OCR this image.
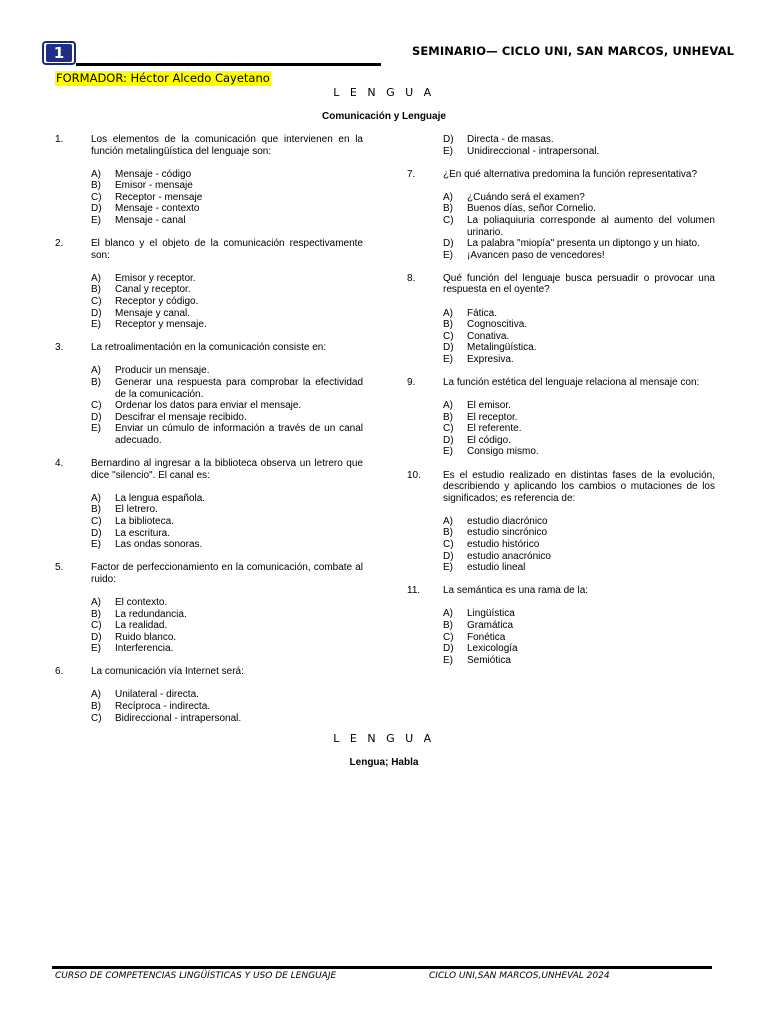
1	SEMINARIO— CICLO UNI, SAN MARCOS, UNHEVAL
FORMADOR: Héctor Alcedo Cayetano
L E N G U A
Comunicación y Lenguaje
1.	Los elementos de la comunicación que intervienen en la función metalingüística del lenguaje son:
A)	Mensaje - código
B)	Emisor - mensaje
C)	Receptor - mensaje
D)	Mensaje - contexto
E)	Mensaje - canal
2.	El blanco y el objeto de la comunicación respectivamente son:
A)	Emisor y receptor.
B)	Canal y receptor.
C)	Receptor y código.
D)	Mensaje y canal.
E)	Receptor y mensaje.
3.	La retroalimentación en la comunicación consiste en:
A)	Producir un mensaje.
B)	Generar una respuesta para comprobar la efectividad de la comunicación.
C)	Ordenar los datos para enviar el mensaje.
D)	Descifrar el mensaje recibido.
E)	Enviar un cúmulo de información a través de un canal adecuado.
4.	Bernardino al ingresar a la biblioteca observa un letrero que dice "silencio". El canal es:
A)	La lengua española.
B)	El letrero.
C)	La biblioteca.
D)	La escritura.
E)	Las ondas sonoras.
5.	Factor de perfeccionamiento en la comunicación, combate al ruido:
A)	El contexto.
B)	La redundancia.
C)	La realidad.
D)	Ruido blanco.
E)	Interferencia.
6.	La comunicación vía Internet será:
A)	Unilateral - directa.
B)	Recíproca - indirecta.
C)	Bidireccional - intrapersonal.
D)	Directa - de masas.
E)	Unidireccional - intrapersonal.
7.	¿En qué alternativa predomina la función representativa?
A)	¿Cuándo será el examen?
B)	Buenos días, señor Cornelio.
C)	La poliaquiuria corresponde al aumento del volumen urinario.
D)	La palabra "miopía" presenta un diptongo y un hiato.
E)	¡Avancen paso de vencedores!
8.	Qué función del lenguaje busca persuadir o provocar una respuesta en el oyente?
A)	Fática.
B)	Cognoscitiva.
C)	Conativa.
D)	Metalingüística.
E)	Expresiva.
9.	La función estética del lenguaje relaciona al mensaje con:
A)	El emisor.
B)	El receptor.
C)	El referente.
D)	El código.
E)	Consigo mismo.
10.	Es el estudio realizado en distintas fases de la evolución, describiendo y aplicando los cambios o mutaciones de los significados; es referencia de:
A)	estudio diacrónico
B)	estudio sincrónico
C)	estudio histórico
D)	estudio anacrónico
E)	estudio lineal
11.	La semántica es una rama de la:
A)	Lingüística
B)	Gramática
C)	Fonética
D)	Lexicología
E)	Semiótica
L E N G U A
Lengua; Habla
CURSO DE COMPETENCIAS LINGÜÍSTICAS Y USO DE LENGUAJE	CICLO UNI,SAN MARCOS,UNHEVAL 2024
